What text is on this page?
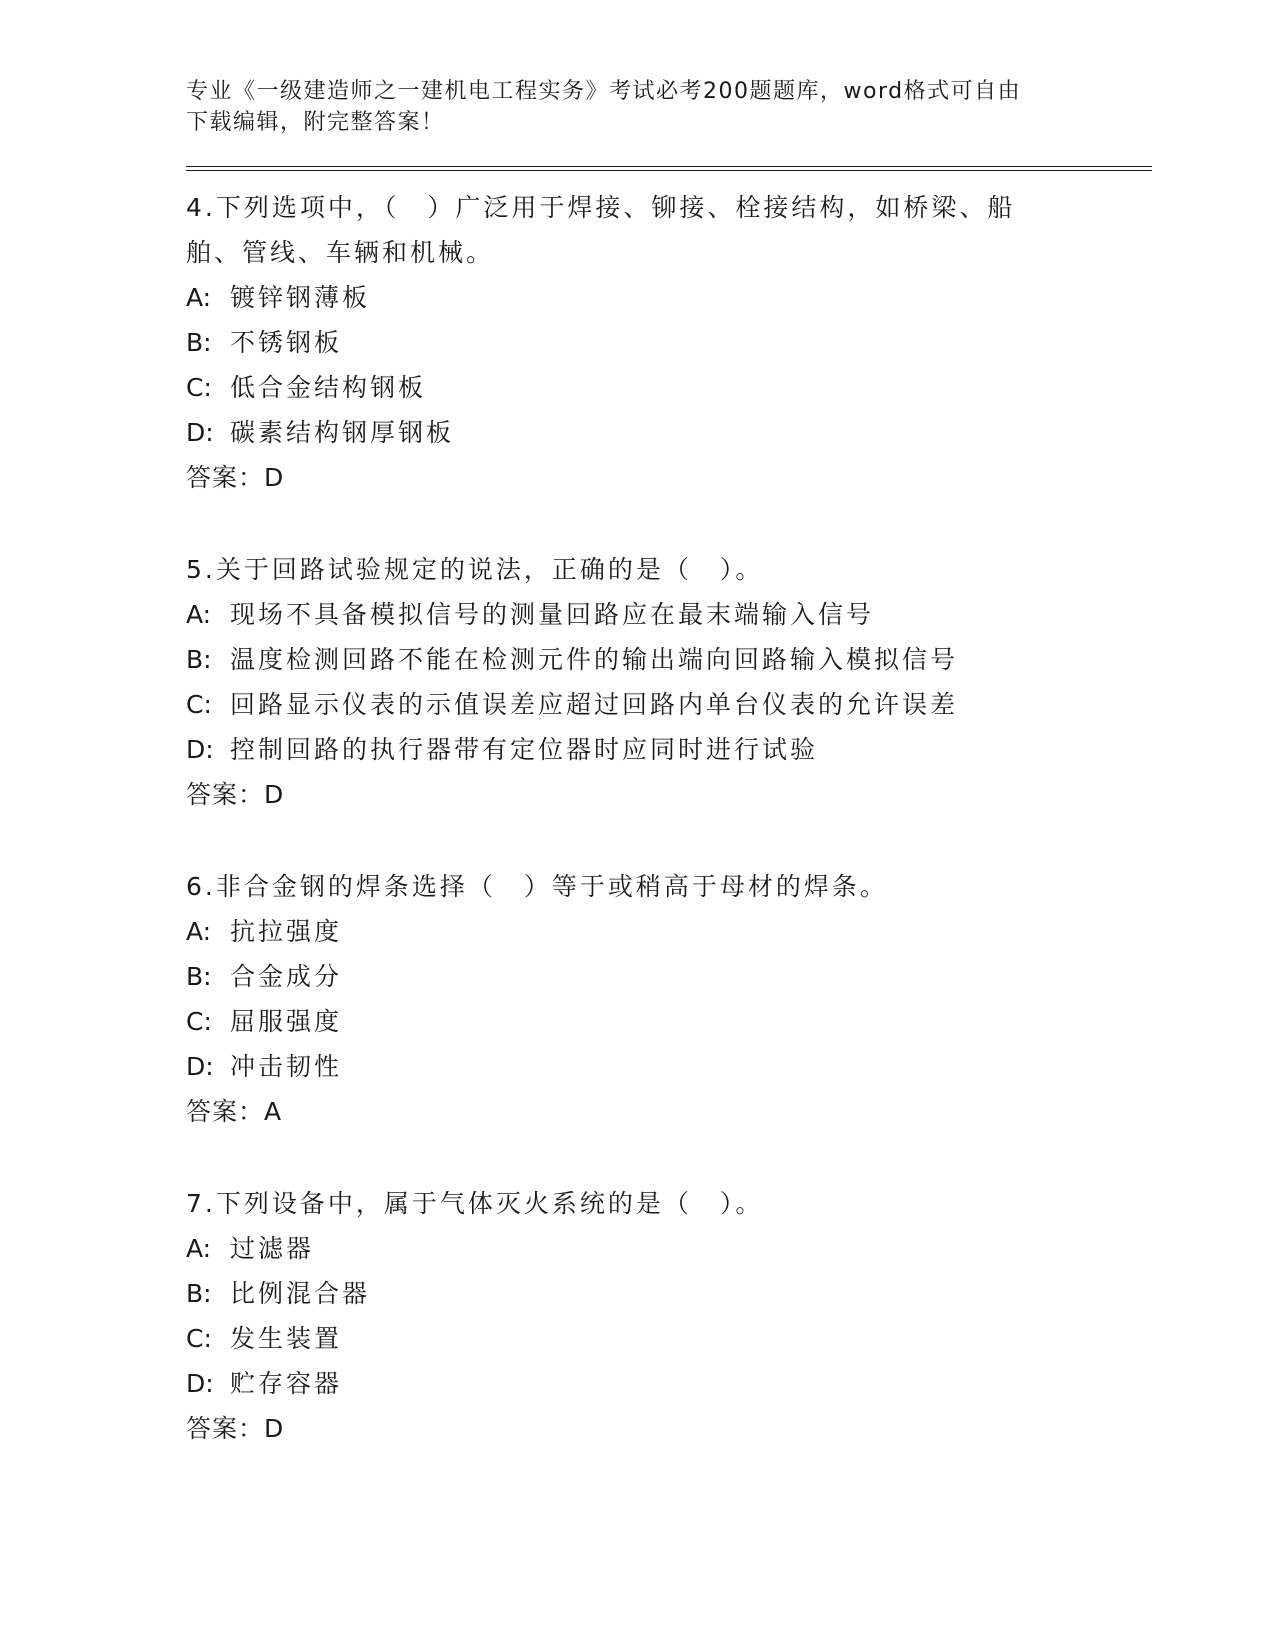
专业《一级建造师之一建机电工程实务》考试必考200题题库，word格式可自由
下载编辑，附完整答案！
4.下列选项中，（　）广泛用于焊接、铆接、栓接结构，如桥梁、船
舶、管线、车辆和机械。
A: 镀锌钢薄板
B: 不锈钢板
C: 低合金结构钢板
D: 碳素结构钢厚钢板
答案：D
5.关于回路试验规定的说法，正确的是（　）。
A: 现场不具备模拟信号的测量回路应在最末端输入信号
B: 温度检测回路不能在检测元件的输出端向回路输入模拟信号
C: 回路显示仪表的示值误差应超过回路内单台仪表的允许误差
D: 控制回路的执行器带有定位器时应同时进行试验
答案：D
6.非合金钢的焊条选择（　）等于或稍高于母材的焊条。
A: 抗拉强度
B: 合金成分
C: 屈服强度
D: 冲击韧性
答案：A
7.下列设备中，属于气体灭火系统的是（　）。
A: 过滤器
B: 比例混合器
C: 发生装置
D: 贮存容器
答案：D
